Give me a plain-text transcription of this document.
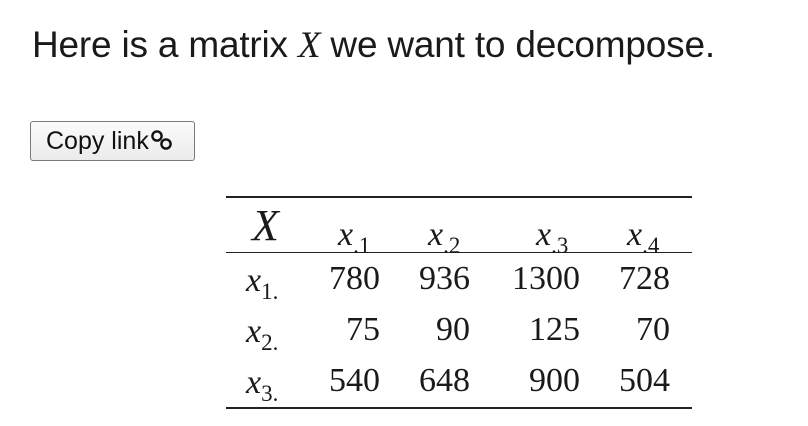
Here is a matrix X we want to decompose.
Copy link
X $x_{.1}$ $x_{.2}$ $x_{.3}$ $x_{.4}$
$x_{1.}$
$x_{2.}$
$x_{3.}$
780 936 1300 728
75 90 125 70
540 648 900 504
